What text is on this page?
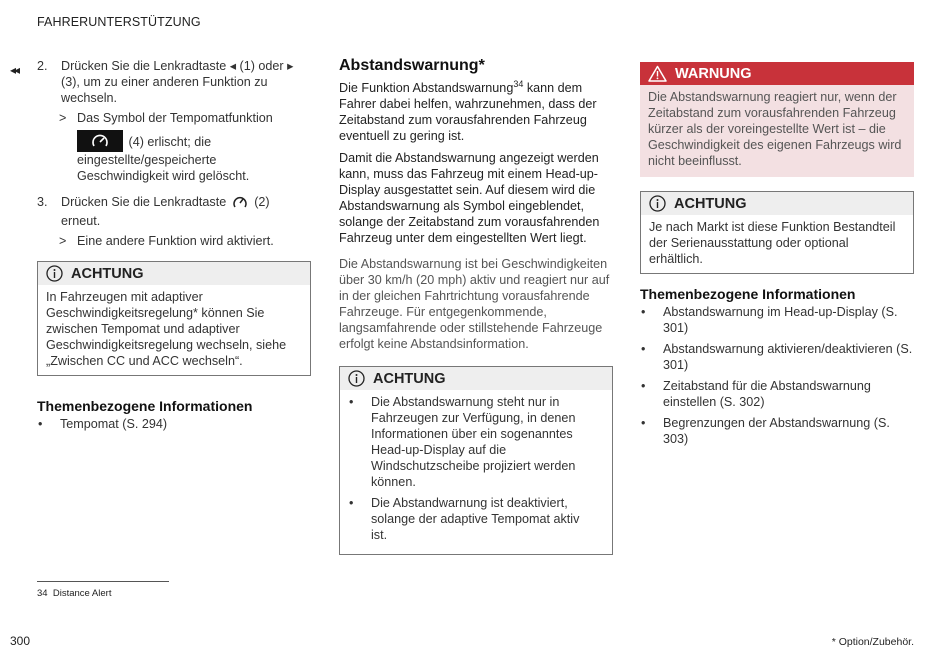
FAHRERUNTERSTÜTZUNG
◂◂ 2. Drücken Sie die Lenkradtaste ◂ (1) oder ▸ (3), um zu einer anderen Funktion zu wechseln.
> Das Symbol der Tempomatfunktion
(4) erlischt; die eingestellte/gespeicherte Geschwindigkeit wird gelöscht.
3. Drücken Sie die Lenkradtaste (2) erneut.
> Eine andere Funktion wird aktiviert.
ACHTUNG
In Fahrzeugen mit adaptiver Geschwindigkeitsregelung* können Sie zwischen Tempomat und adaptiver Geschwindigkeitsregelung wechseln, siehe „Zwischen CC und ACC wechseln“.
Themenbezogene Informationen
• Tempomat (S. 294)
Abstandswarnung*

Die Funktion Abstandswarnung$^{34}$ kann dem Fahrer dabei helfen, wahrzunehmen, dass der Zeitabstand zum vorausfahrenden Fahrzeug eventuell zu gering ist.

Damit die Abstandswarnung angezeigt werden kann, muss das Fahrzeug mit einem Head-up-Display ausgestattet sein. Auf diesem wird die Abstandswarnung als Symbol eingeblendet, solange der Zeitabstand zum vorausfahrenden Fahrzeug unter dem eingestellten Wert liegt.

Die Abstandswarnung ist bei Geschwindigkeiten über 30 km/h (20 mph) aktiv und reagiert nur auf in der gleichen Fahrtrichtung vorausfahrende Fahrzeuge. Für entgegenkommende, langsamfahrende oder stillstehende Fahrzeuge erfolgt keine Abstandsinformation.

ACHTUNG
• Die Abstandswarnung steht nur in Fahrzeugen zur Verfügung, in denen Informationen über ein sogenanntes Head-up-Display auf die Windschutzscheibe projiziert werden können.
• Die Abstandwarnung ist deaktiviert, solange der adaptive Tempomat aktiv ist.
WARNUNG
Die Abstandswarnung reagiert nur, wenn der Zeitabstand zum vorausfahrenden Fahrzeug kürzer als der voreingestellte Wert ist – die Geschwindigkeit des eigenen Fahrzeugs wird nicht beeinflusst.
ACHTUNG
Je nach Markt ist diese Funktion Bestandteil der Serienausstattung oder optional erhältlich.
Themenbezogene Informationen
• Abstandswarnung im Head-up-Display (S. 301)
• Abstandswarnung aktivieren/deaktivieren (S. 301)
• Zeitabstand für die Abstandswarnung einstellen (S. 302)
• Begrenzungen der Abstandswarnung (S. 303)
34 Distance Alert
300	* Option/Zubehör.
